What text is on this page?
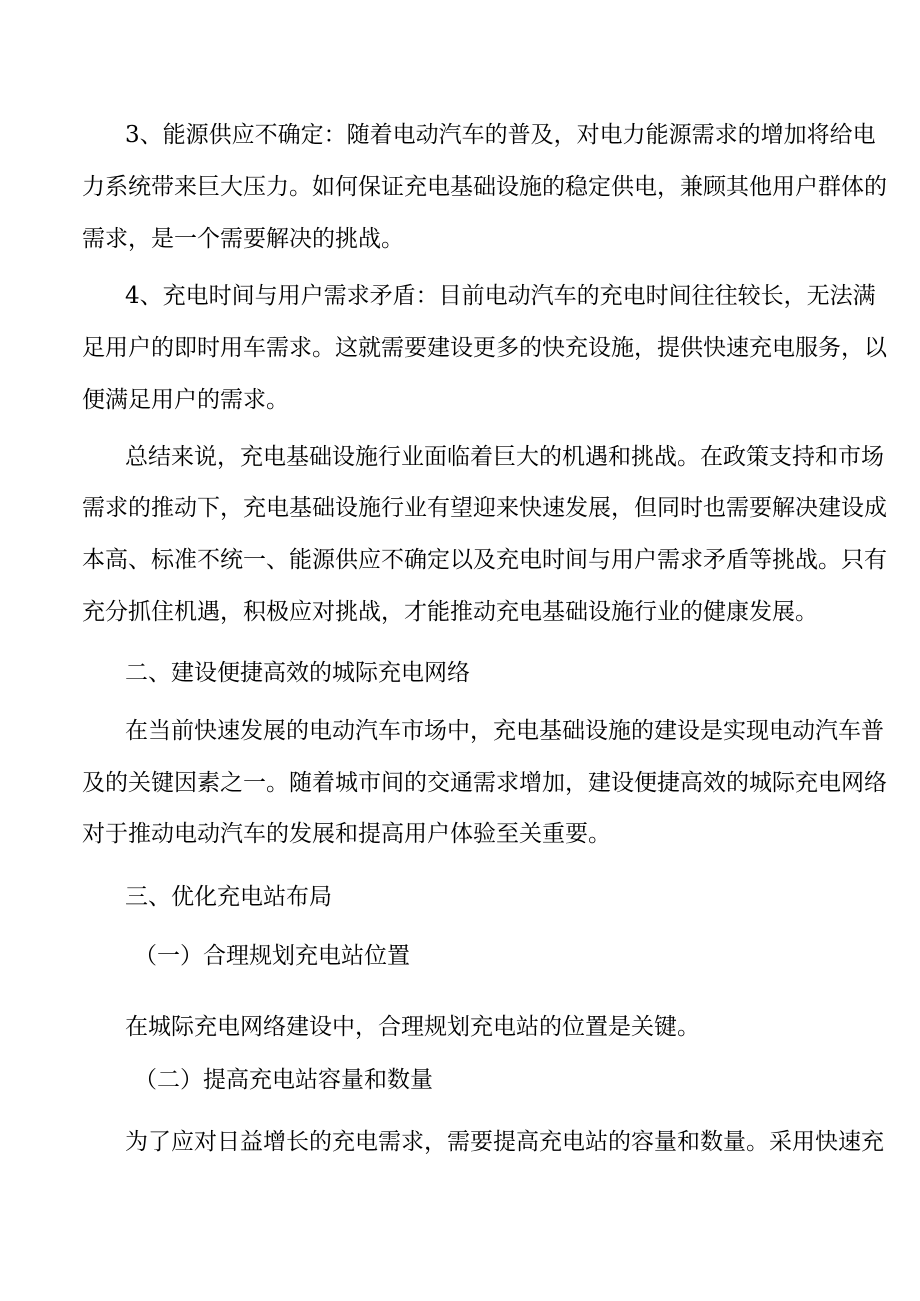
3、能源供应不确定：随着电动汽车的普及，对电力能源需求的增加将给电
力系统带来巨大压力。如何保证充电基础设施的稳定供电，兼顾其他用户群体的
需求，是一个需要解决的挑战。
4、充电时间与用户需求矛盾：目前电动汽车的充电时间往往较长，无法满
足用户的即时用车需求。这就需要建设更多的快充设施，提供快速充电服务，以
便满足用户的需求。
总结来说，充电基础设施行业面临着巨大的机遇和挑战。在政策支持和市场
需求的推动下，充电基础设施行业有望迎来快速发展，但同时也需要解决建设成
本高、标准不统一、能源供应不确定以及充电时间与用户需求矛盾等挑战。只有
充分抓住机遇，积极应对挑战，才能推动充电基础设施行业的健康发展。
二、建设便捷高效的城际充电网络
在当前快速发展的电动汽车市场中，充电基础设施的建设是实现电动汽车普
及的关键因素之一。随着城市间的交通需求增加，建设便捷高效的城际充电网络
对于推动电动汽车的发展和提高用户体验至关重要。
三、优化充电站布局
（一）合理规划充电站位置
在城际充电网络建设中，合理规划充电站的位置是关键。
（二）提高充电站容量和数量
为了应对日益增长的充电需求，需要提高充电站的容量和数量。采用快速充
